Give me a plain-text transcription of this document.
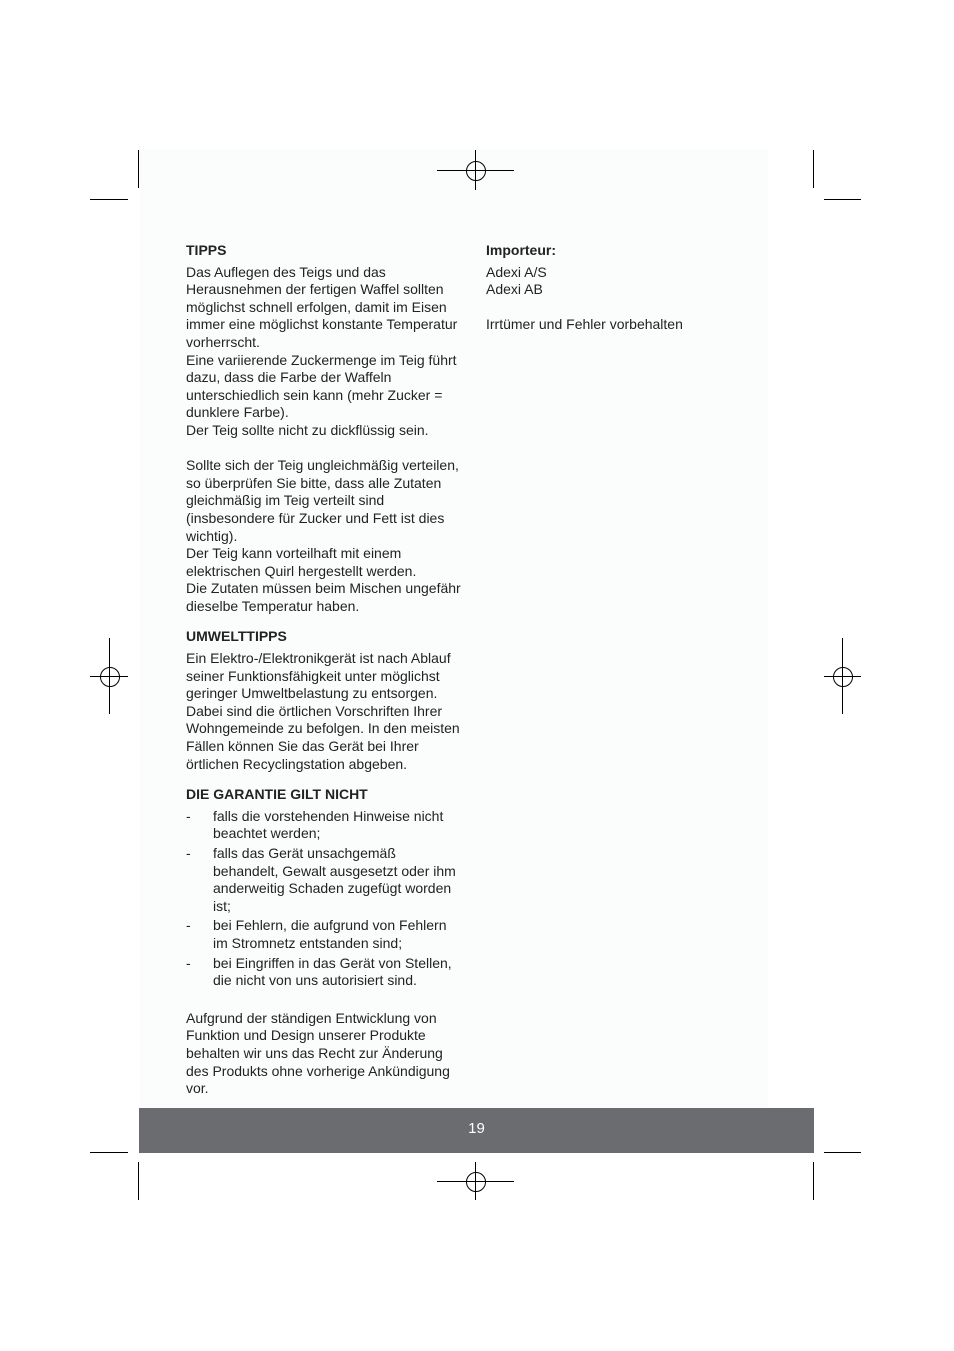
TIPPS

Das Auflegen des Teigs und das
Herausnehmen der fertigen Waffel sollten
möglichst schnell erfolgen, damit im Eisen
immer eine möglichst konstante Temperatur
vorherrscht.
Eine variierende Zuckermenge im Teig führt
dazu, dass die Farbe der Waffeln
unterschiedlich sein kann (mehr Zucker =
dunklere Farbe).
Der Teig sollte nicht zu dickflüssig sein.

Sollte sich der Teig ungleichmäßig verteilen,
so überprüfen Sie bitte, dass alle Zutaten
gleichmäßig im Teig verteilt sind
(insbesondere für Zucker und Fett ist dies
wichtig).
Der Teig kann vorteilhaft mit einem
elektrischen Quirl hergestellt werden.
Die Zutaten müssen beim Mischen ungefähr
dieselbe Temperatur haben.

UMWELTTIPPS

Ein Elektro-/Elektronikgerät ist nach Ablauf
seiner Funktionsfähigkeit unter möglichst
geringer Umweltbelastung zu entsorgen.
Dabei sind die örtlichen Vorschriften Ihrer
Wohngemeinde zu befolgen. In den meisten
Fällen können Sie das Gerät bei Ihrer
örtlichen Recyclingstation abgeben.

DIE GARANTIE GILT NICHT
- falls die vorstehenden Hinweise nicht
beachtet werden;
- falls das Gerät unsachgemäß
behandelt, Gewalt ausgesetzt oder ihm
anderweitig Schaden zugefügt worden
ist;
- bei Fehlern, die aufgrund von Fehlern
im Stromnetz entstanden sind;
- bei Eingriffen in das Gerät von Stellen,
die nicht von uns autorisiert sind.

Aufgrund der ständigen Entwicklung von
Funktion und Design unserer Produkte
behalten wir uns das Recht zur Änderung
des Produkts ohne vorherige Ankündigung
vor.

Importeur:

Adexi A/S
Adexi AB

Irrtümer und Fehler vorbehalten

19
